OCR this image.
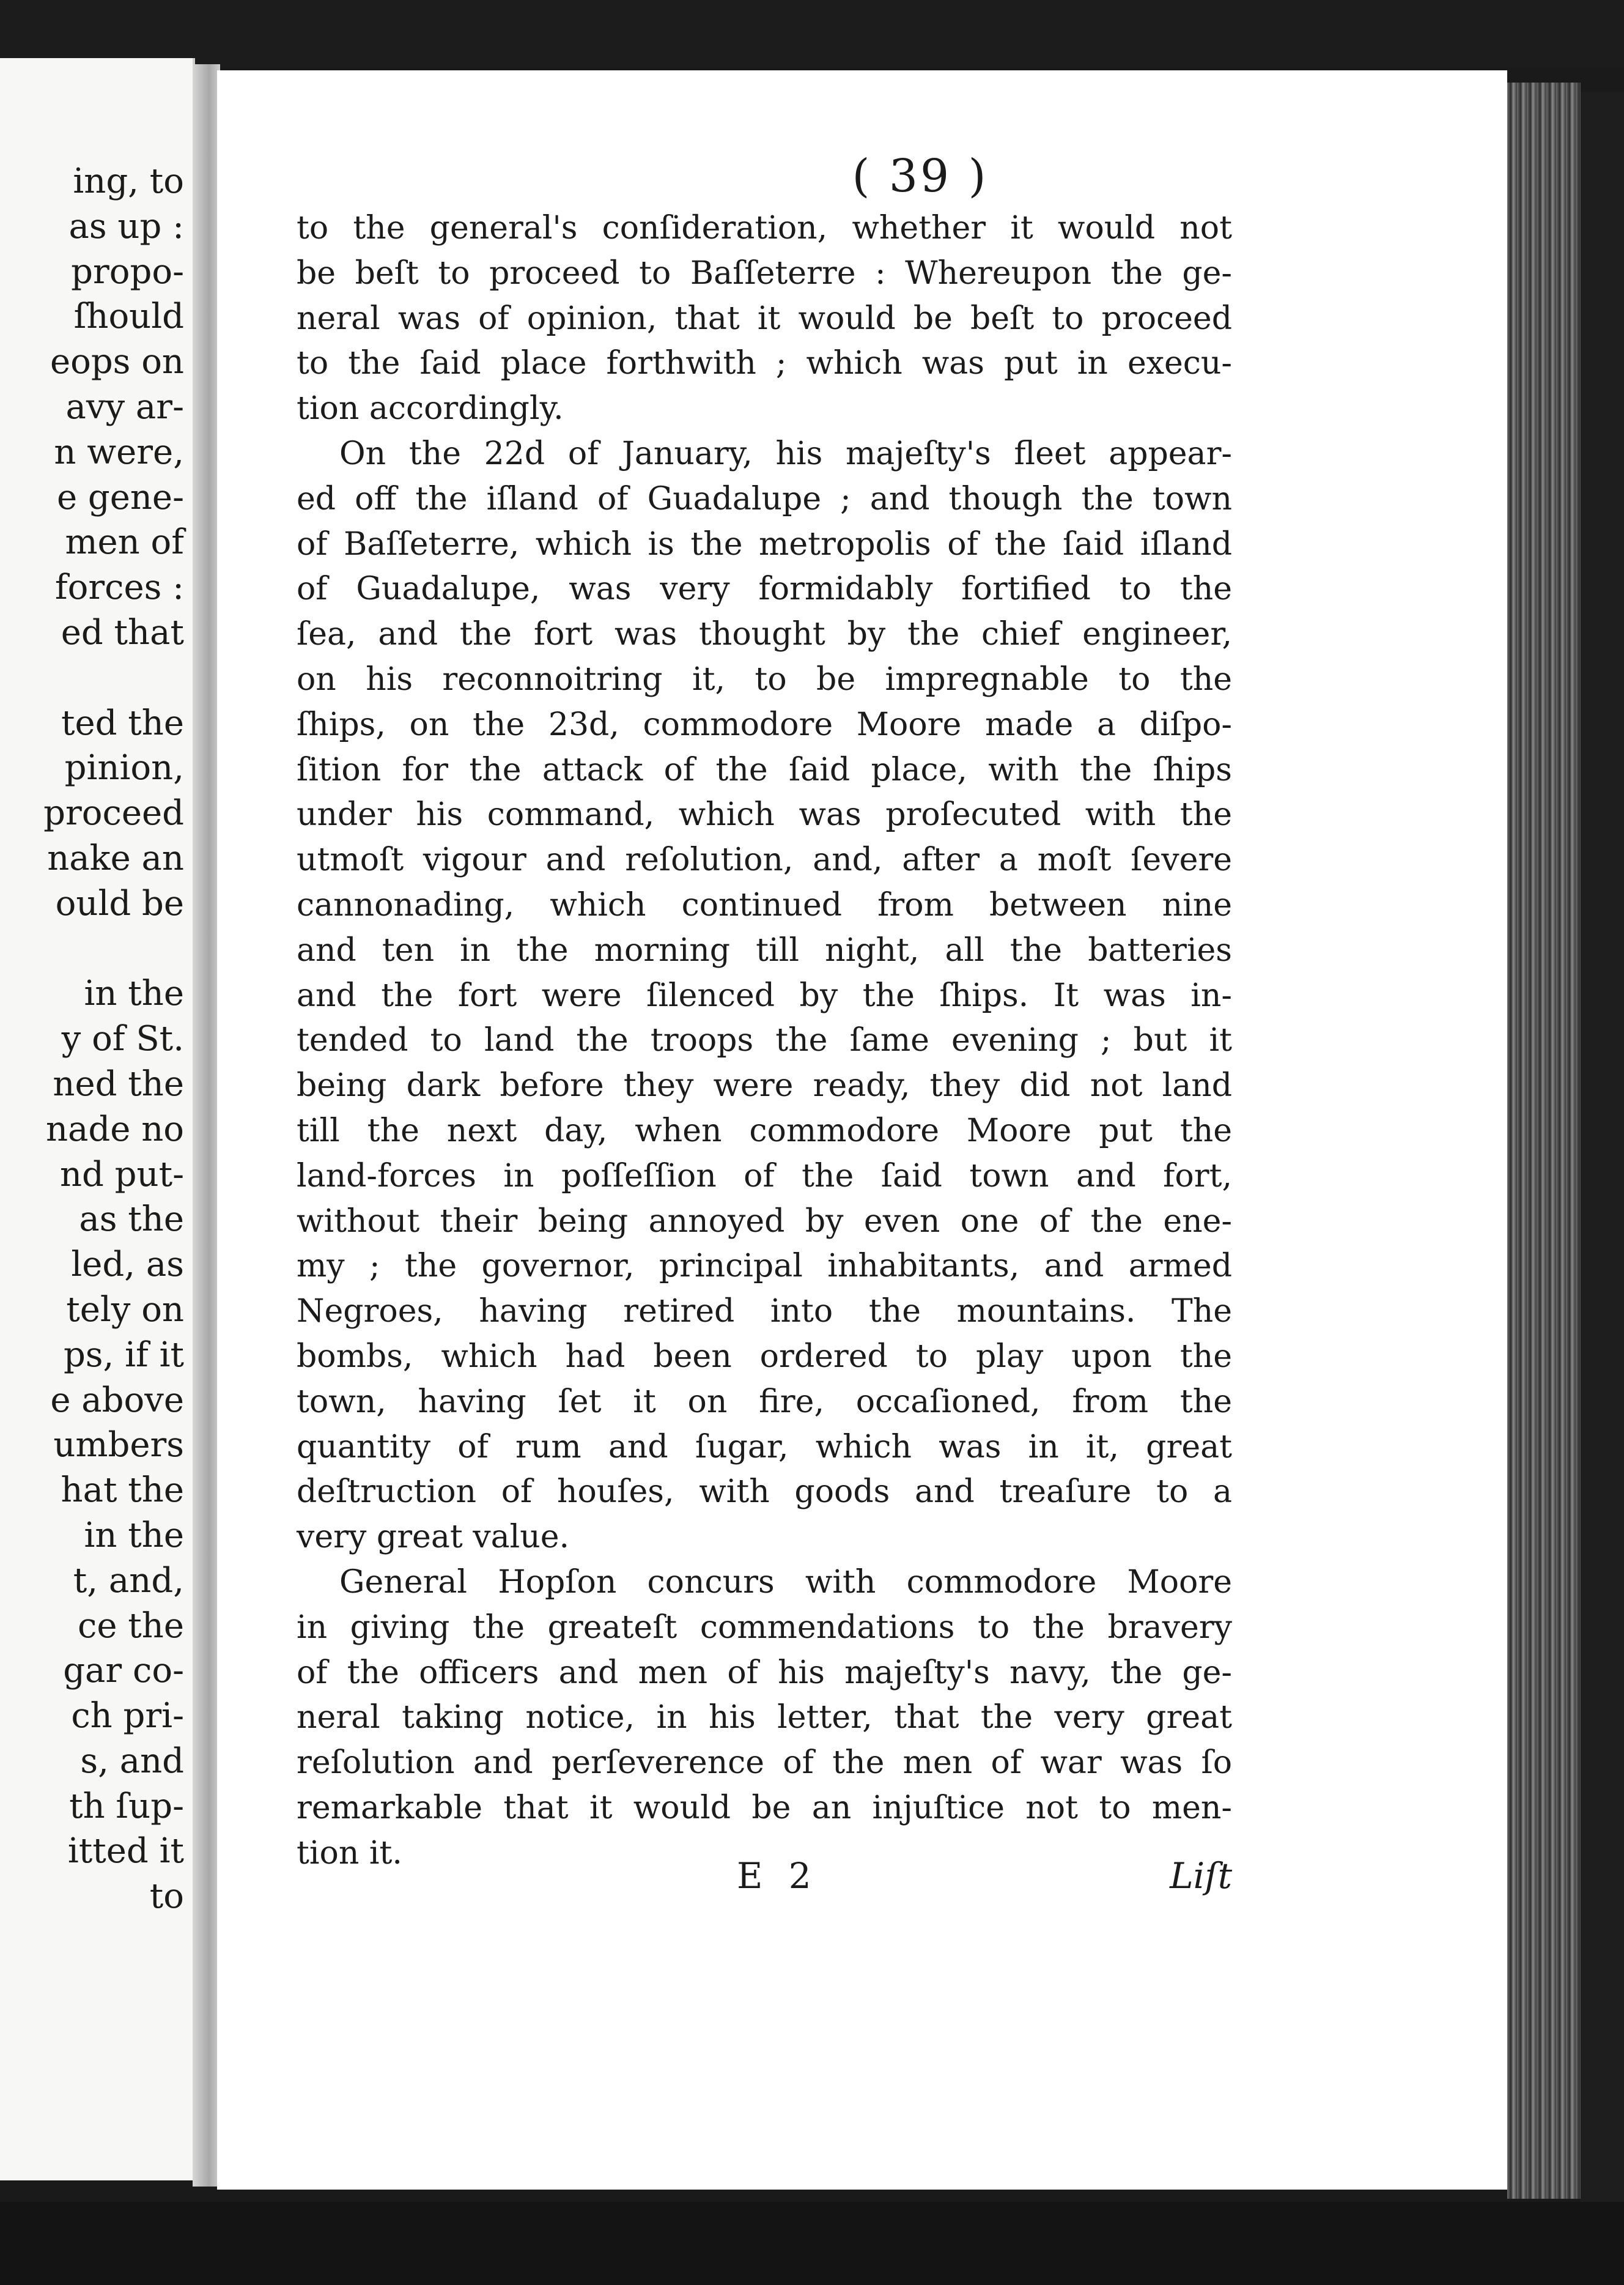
ing, to
as up :
propo-
ſhould
eops on
avy ar-
n were,
e gene-
men of
forces :
ed that
ted the
pinion,
proceed
nake an
ould be
in the
y of St.
ned the
nade no
nd put-
as the
led, as
tely on
ps, if it
e above
umbers
hat the
in the
t, and,
ce the
gar co-
ch pri-
s, and
th ſup-
itted it
to
( 39 )
to the general's conſideration, whether it would not
be beſt to proceed to Baſſeterre : Whereupon the ge-
neral was of opinion, that it would be beſt to proceed
to the ſaid place forthwith ; which was put in execu-
tion accordingly.
On the 22d of January, his majeſty's fleet appear-
ed off the iſland of Guadalupe ; and though the town
of Baſſeterre, which is the metropolis of the ſaid iſland
of Guadalupe, was very formidably fortified to the
ſea, and the fort was thought by the chief engineer,
on his reconnoitring it, to be impregnable to the
ſhips, on the 23d, commodore Moore made a diſpo-
ſition for the attack of the ſaid place, with the ſhips
under his command, which was proſecuted with the
utmoſt vigour and reſolution, and, after a moſt ſevere
cannonading, which continued from between nine
and ten in the morning till night, all the batteries
and the fort were ſilenced by the ſhips. It was in-
tended to land the troops the ſame evening ; but it
being dark before they were ready, they did not land
till the next day, when commodore Moore put the
land-forces in poſſeſſion of the ſaid town and fort,
without their being annoyed by even one of the ene-
my ; the governor, principal inhabitants, and armed
Negroes, having retired into the mountains. The
bombs, which had been ordered to play upon the
town, having ſet it on fire, occaſioned, from the
quantity of rum and ſugar, which was in it, great
deſtruction of houſes, with goods and treaſure to a
very great value.
General Hopſon concurs with commodore Moore
in giving the greateſt commendations to the bravery
of the officers and men of his majeſty's navy, the ge-
neral taking notice, in his letter, that the very great
reſolution and perſeverence of the men of war was ſo
remarkable that it would be an injuſtice not to men-
tion it.
E 2	Liſt
